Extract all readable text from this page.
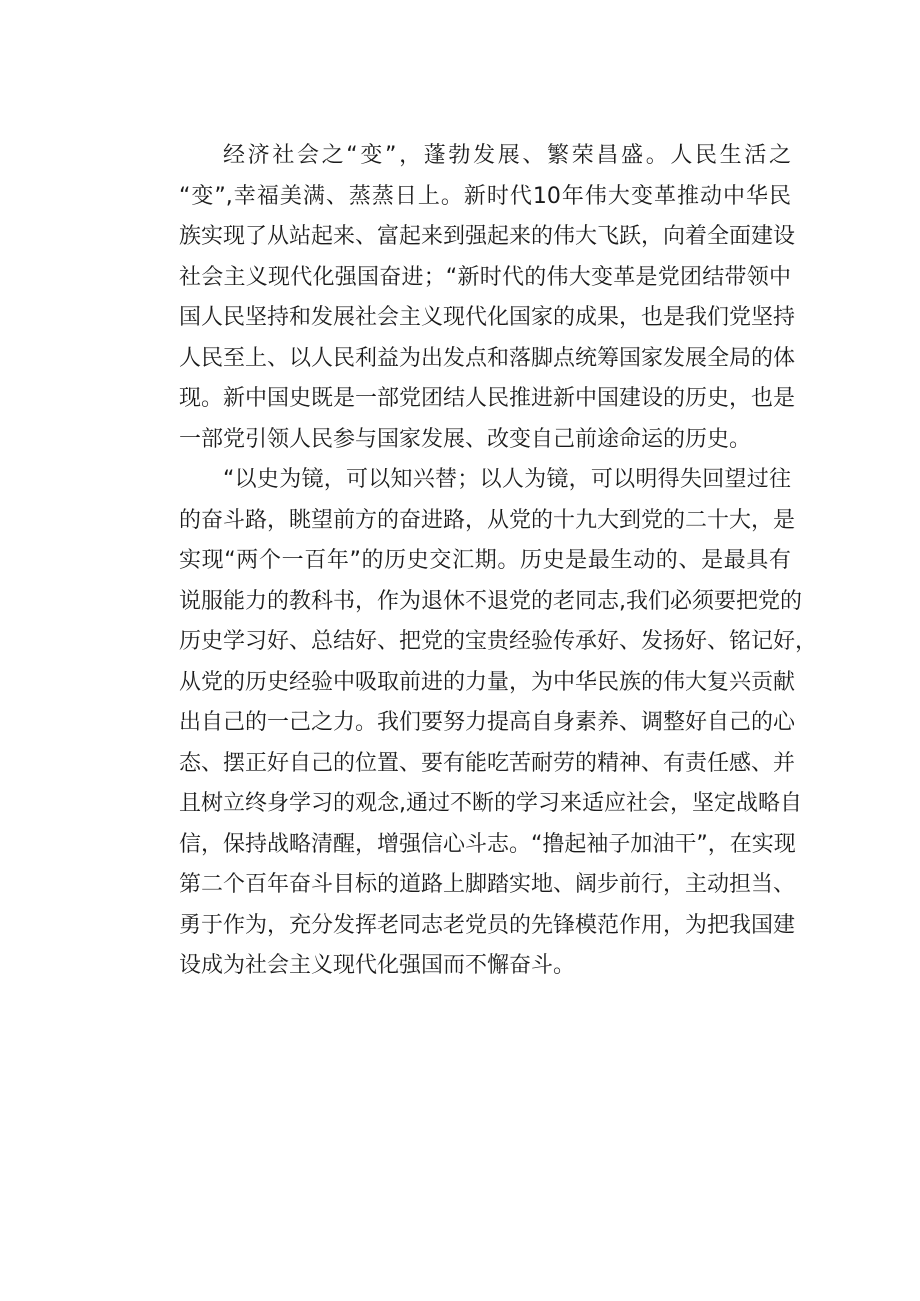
经济社会之“变”，蓬勃发展、繁荣昌盛。人民生活之
“变”,幸福美满、蒸蒸日上。新时代10年伟大变革推动中华民
族实现了从站起来、富起来到强起来的伟大飞跃，向着全面建设
社会主义现代化强国奋进；“新时代的伟大变革是党团结带领中
国人民坚持和发展社会主义现代化国家的成果，也是我们党坚持
人民至上、以人民利益为出发点和落脚点统筹国家发展全局的体
现。新中国史既是一部党团结人民推进新中国建设的历史，也是
一部党引领人民参与国家发展、改变自己前途命运的历史。
“以史为镜，可以知兴替；以人为镜，可以明得失回望过往
的奋斗路，眺望前方的奋进路，从党的十九大到党的二十大，是
实现“两个一百年”的历史交汇期。历史是最生动的、是最具有
说服能力的教科书，作为退休不退党的老同志,我们必须要把党的
历史学习好、总结好、把党的宝贵经验传承好、发扬好、铭记好，
从党的历史经验中吸取前进的力量，为中华民族的伟大复兴贡献
出自己的一己之力。我们要努力提高自身素养、调整好自己的心
态、摆正好自己的位置、要有能吃苦耐劳的精神、有责任感、并
且树立终身学习的观念,通过不断的学习来适应社会，坚定战略自
信，保持战略清醒，增强信心斗志。“撸起袖子加油干”，在实现
第二个百年奋斗目标的道路上脚踏实地、阔步前行，主动担当、
勇于作为，充分发挥老同志老党员的先锋模范作用，为把我国建
设成为社会主义现代化强国而不懈奋斗。
